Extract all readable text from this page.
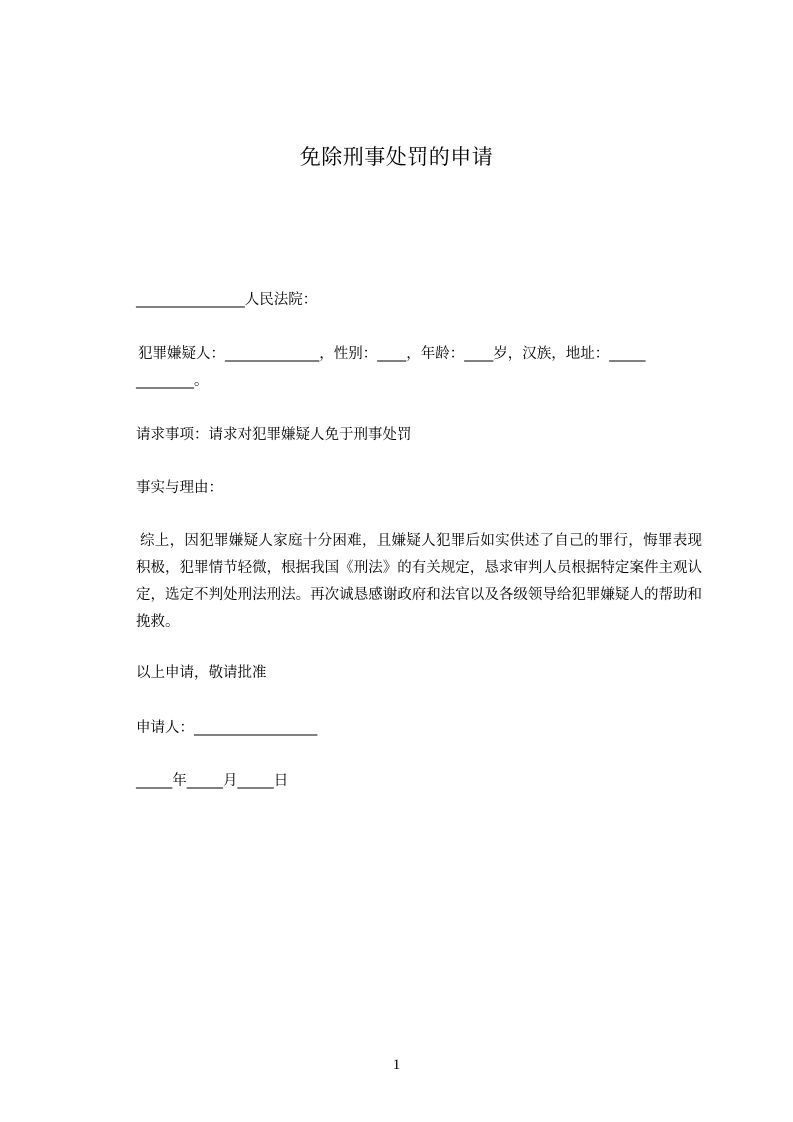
免除刑事处罚的申请
_______________人民法院：
犯罪嫌疑人：_____________，性别：____，年龄：____岁，汉族，地址：_____
________。
请求事项：请求对犯罪嫌疑人免于刑事处罚
事实与理由：
综上，因犯罪嫌疑人家庭十分困难，且嫌疑人犯罪后如实供述了自己的罪行，悔罪表现积极，犯罪情节轻微，根据我国《刑法》的有关规定，恳求审判人员根据特定案件主观认定，选定不判处刑法刑法。再次诚恳感谢政府和法官以及各级领导给犯罪嫌疑人的帮助和挽救。
以上申请，敬请批准
申请人：_________________
_____年_____月_____日
1
